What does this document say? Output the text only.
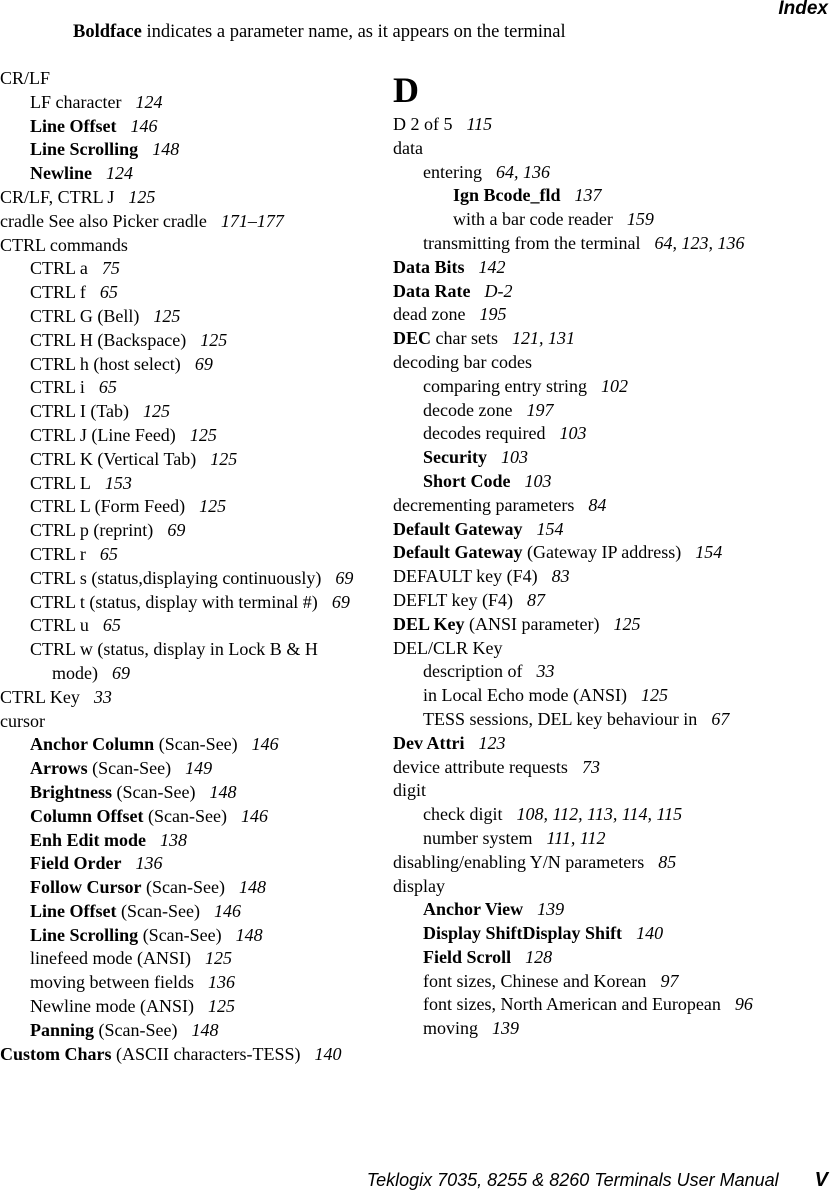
Index
Boldface indicates a parameter name, as it appears on the terminal
CR/LF
LF character 124
Line Offset 146
Line Scrolling 148
Newline 124
CR/LF, CTRL J 125
cradle See also Picker cradle 171–177
CTRL commands
CTRL a 75
CTRL f 65
CTRL G (Bell) 125
CTRL H (Backspace) 125
CTRL h (host select) 69
CTRL i 65
CTRL I (Tab) 125
CTRL J (Line Feed) 125
CTRL K (Vertical Tab) 125
CTRL L 153
CTRL L (Form Feed) 125
CTRL p (reprint) 69
CTRL r 65
CTRL s (status,displaying continuously) 69
CTRL t (status, display with terminal #) 69
CTRL u 65
CTRL w (status, display in Lock B & H mode) 69
CTRL Key 33
cursor
Anchor Column (Scan-See) 146
Arrows (Scan-See) 149
Brightness (Scan-See) 148
Column Offset (Scan-See) 146
Enh Edit mode 138
Field Order 136
Follow Cursor (Scan-See) 148
Line Offset (Scan-See) 146
Line Scrolling (Scan-See) 148
linefeed mode (ANSI) 125
moving between fields 136
Newline mode (ANSI) 125
Panning (Scan-See) 148
Custom Chars (ASCII characters-TESS) 140
D
D 2 of 5 115
data
entering 64, 136
Ign Bcode_fld 137
with a bar code reader 159
transmitting from the terminal 64, 123, 136
Data Bits 142
Data Rate D-2
dead zone 195
DEC char sets 121, 131
decoding bar codes
comparing entry string 102
decode zone 197
decodes required 103
Security 103
Short Code 103
decrementing parameters 84
Default Gateway 154
Default Gateway (Gateway IP address) 154
DEFAULT key (F4) 83
DEFLT key (F4) 87
DEL Key (ANSI parameter) 125
DEL/CLR Key
description of 33
in Local Echo mode (ANSI) 125
TESS sessions, DEL key behaviour in 67
Dev Attri 123
device attribute requests 73
digit
check digit 108, 112, 113, 114, 115
number system 111, 112
disabling/enabling Y/N parameters 85
display
Anchor View 139
Display ShiftDisplay Shift 140
Field Scroll 128
font sizes, Chinese and Korean 97
font sizes, North American and European 96
moving 139
Teklogix 7035, 8255 & 8260 Terminals User Manual V
